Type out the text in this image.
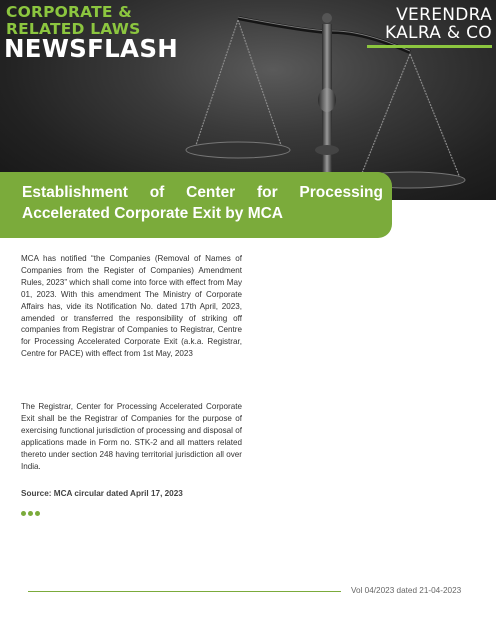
CORPORATE &
RELATED LAWS
NEWSFLASH
VERENDRA
KALRA & CO
Establishment of Center for Processing
Accelerated Corporate Exit by MCA

MCA has notified “the Companies (Removal of Names of Companies from the Register of Companies) Amendment Rules, 2023” which shall come into force with effect from May 01, 2023. With this amendment The Ministry of Corporate Affairs has, vide its Notification No. dated 17th April, 2023, amended or transferred the responsibility of striking off companies from Registrar of Companies to Registrar, Centre for Processing Accelerated Corporate Exit (a.k.a. Registrar, Centre for PACE) with effect from 1st May, 2023

The Registrar, Center for Processing Accelerated Corporate Exit shall be the Registrar of Companies for the purpose of exercising functional jurisdiction of processing and disposal of applications made in Form no. STK-2 and all matters related thereto under section 248 having territorial jurisdiction all over India.

Source: MCA circular dated April 17, 2023

Vol 04/2023 dated 21-04-2023
